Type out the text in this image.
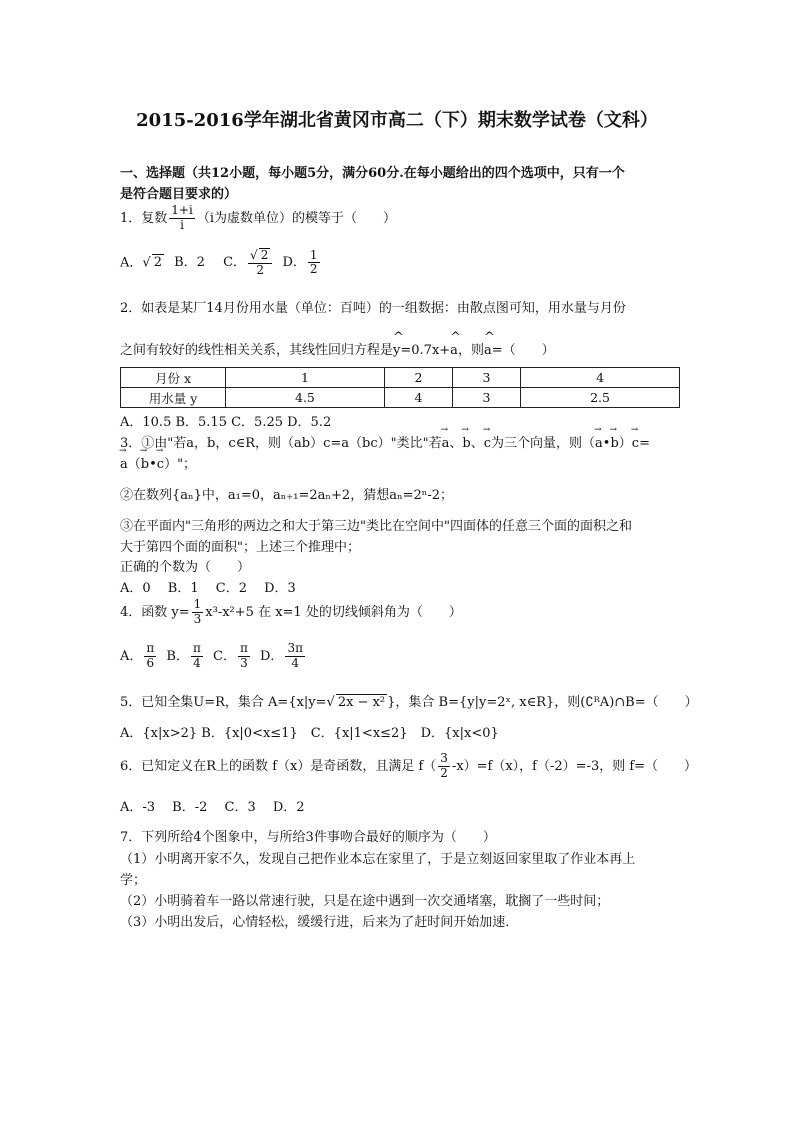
2015-2016学年湖北省黄冈市高二（下）期末数学试卷（文科）
一、选择题（共12小题，每小题5分，满分60分.在每小题给出的四个选项中，只有一个
是符合题目要求的）
1．复数 $\frac{1+i}{i} (i$为虚数单位）的模等于（　　）
A．√ 2 B．2 C． $\frac{√ 2}{2}$ D． $\frac{1}{2}$
2．如表是某厂14月份用水量（单位：百吨）的一组数据：由散点图可知，用水量与月份
之间有较好的线性相关关系，其线性回归方程是^ y=0.7x+^ a，则^ a=（　　）
月份 x	1	2	3	4
用水量 y	4.5	4	3	2.5
A．10.5 B．5.15 C．5.25 D．5.2
3．①由"若a，b，c∈R，则（ab）c=a（bc）"类比"若→ a、→ b、→ c为三个向量，则（→ a•→ b）→ c=
→ a（→ b•→ c）"；
②在数列{aₙ}中，a₁=0，aₙ₊₁=2aₙ+2，猜想aₙ=2ⁿ-2；
③在平面内"三角形的两边之和大于第三边"类比在空间中"四面体的任意三个面的面积之和
大于第四个面的面积"；上述三个推理中；
正确的个数为（　　）
A．0　 B．1　 C．2　 D．3
4．函数 $y= \frac{1}{3} x^3-x^2+5$ 在 x=1 处的切线倾斜角为（　　）
A． $\frac{\pi}{6}$ B． $\frac{\pi}{4}$ C． $\frac{\pi}{3}$ D． $\frac{3\pi}{4}$
5．已知全集U=R，集合 A={x|y=√ 2x − x² }，集合 B={y|y=2ˣ, x∈R}，则(∁ᴿA)∩B=（　　）
A．{x|x>2} B．{x|0<x≤1}　C．{x|1<x≤2}　D．{x|x<0}
6．已知定义在R上的函数 f（x）是奇函数，且满足 $f( \frac{3}{2} -x)=f(x)$，f（-2）=-3，则 f=（　　）
A．-3　 B．-2　 C．3　 D．2
7．下列所给4个图象中，与所给3件事吻合最好的顺序为（　　）
（1）小明离开家不久，发现自己把作业本忘在家里了，于是立刻返回家里取了作业本再上
学；
（2）小明骑着车一路以常速行驶，只是在途中遇到一次交通堵塞，耽搁了一些时间；
（3）小明出发后，心情轻松，缓缓行进，后来为了赶时间开始加速．
